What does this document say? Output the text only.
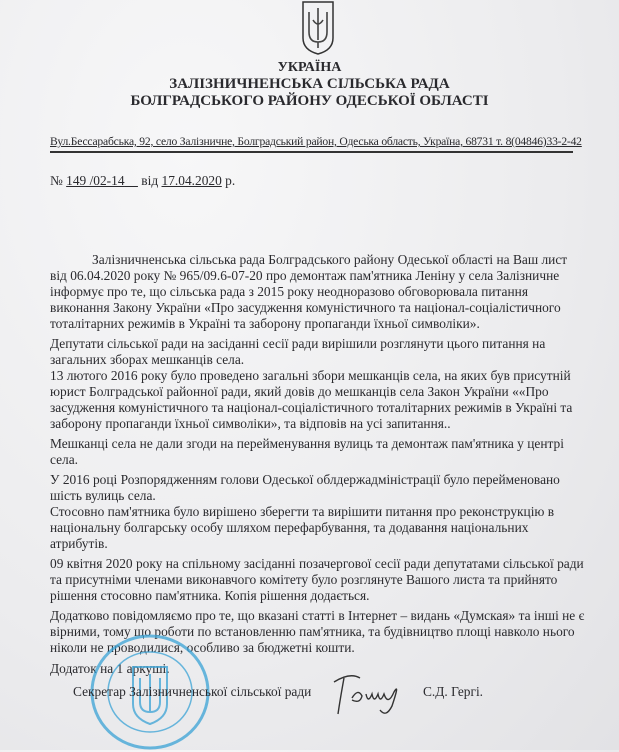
УКРАЇНА
ЗАЛІЗНИЧНЕНСЬКА СІЛЬСЬКА РАДА
БОЛГРАДСЬКОГО РАЙОНУ ОДЕСЬКОЇ ОБЛАСТІ
Вул.Бессарабська, 92, село Залізничне, Болградський район, Одеська область, Україна, 68731 т. 8(04846)33-2-42
№ 149 /02-14 від 17.04.2020 р.
Залізничненська сільська рада Болградського району Одеської області на Ваш лист
від 06.04.2020 року № 965/09.6-07-20 про демонтаж пам'ятника Леніну у села Залізничне
інформує про те, що сільська рада з 2015 року неодноразово обговорювала питання
виконання Закону України «Про засудження комуністичного та націонал-соціалістичного
тоталітарних режимів в Україні та заборону пропаганди їхньої символіки».
Депутати сільської ради на засіданні сесії ради вирішили розглянути цього питання на
загальних зборах мешканців села.
13 лютого 2016 року було проведено загальні збори мешканців села, на яких був присутній
юрист Болградської районної ради, який довів до мешканців села Закон України ««Про
засудження комуністичного та націонал-соціалістичного тоталітарних режимів в Україні та
заборону пропаганди їхньої символіки», та відповів на усі запитання..
Мешканці села не дали згоди на перейменування вулиць та демонтаж пам'ятника у центрі
села.
У 2016 році Розпорядженням голови Одеської облдержадміністрації було перейменовано
шість вулиць села.
Стосовно пам'ятника було вирішено зберегти та вирішити питання про реконструкцію в
національну болгарську особу шляхом перефарбування, та додавання національних
атрибутів.
09 квітня 2020 року на спільному засіданні позачергової сесії ради депутатами сільської ради
та присутніми членами виконавчого комітету було розглянуте Вашого листа та прийнято
рішення стосовно пам'ятника. Копія рішення додається.
Додатково повідомляємо про те, що вказані статті в Інтернет – видань «Думская» та інші не є
вірними, тому що роботи по встановленню пам'ятника, та будівництво площі навколо нього
ніколи не проводилися, особливо за бюджетні кошти.
Додаток на 1 аркуші.
Секретар Залізничненської сільської ради	С.Д. Гергі.
